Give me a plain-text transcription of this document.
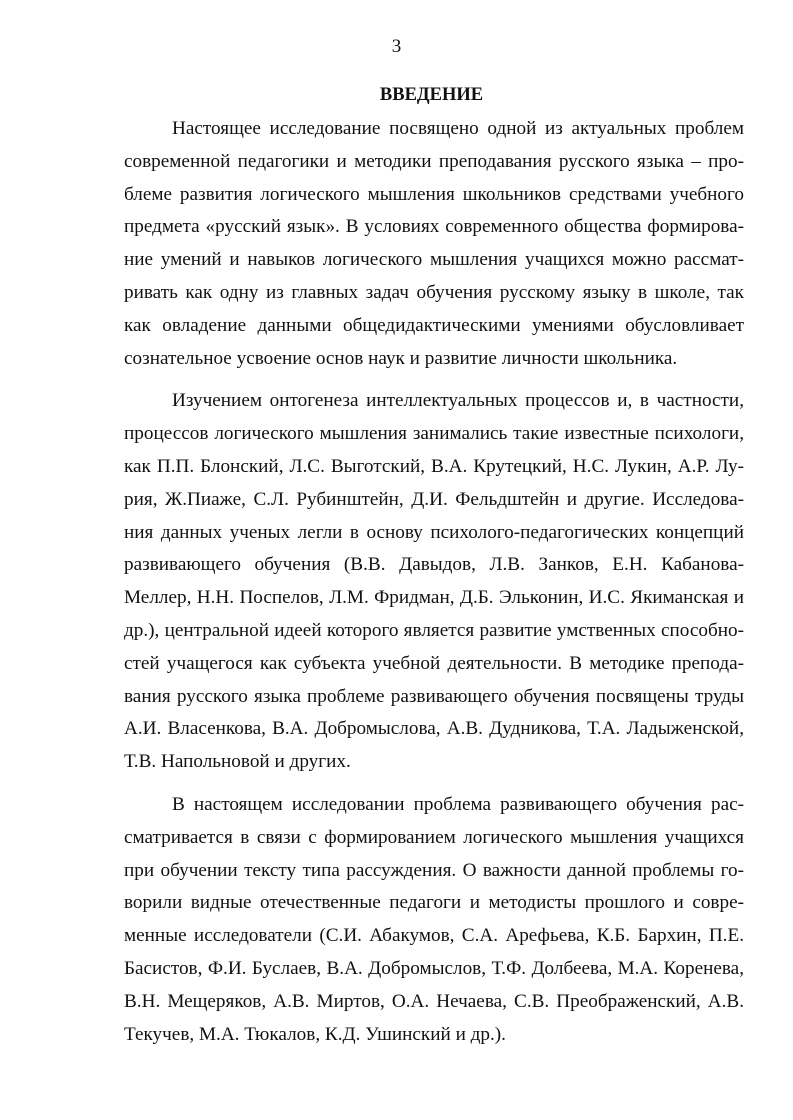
3
ВВЕДЕНИЕ

Настоящее исследование посвящено одной из актуальных проблем современной педагогики и методики преподавания русского языка – проблеме развития логического мышления школьников средствами учебного предмета «русский язык». В условиях современного общества формирование умений и навыков логического мышления учащихся можно рассматривать как одну из главных задач обучения русскому языку в школе, так как овладение данными общедидактическими умениями обусловливает сознательное усвоение основ наук и развитие личности школьника.

Изучением онтогенеза интеллектуальных процессов и, в частности, процессов логического мышления занимались такие известные психологи, как П.П. Блонский, Л.С. Выготский, В.А. Крутецкий, Н.С. Лукин, А.Р. Лурия, Ж.Пиаже, С.Л. Рубинштейн, Д.И. Фельдштейн и другие. Исследования данных ученых легли в основу психолого-педагогических концепций развивающего обучения (В.В. Давыдов, Л.В. Занков, Е.Н. Кабанова-Меллер, Н.Н. Поспелов, Л.М. Фридман, Д.Б. Эльконин, И.С. Якиманская и др.), центральной идеей которого является развитие умственных способностей учащегося как субъекта учебной деятельности. В методике преподавания русского языка проблеме развивающего обучения посвящены труды А.И. Власенкова, В.А. Добромыслова, А.В. Дудникова, Т.А. Ладыженской, Т.В. Напольновой и других.

В настоящем исследовании проблема развивающего обучения рассматривается в связи с формированием логического мышления учащихся при обучении тексту типа рассуждения. О важности данной проблемы говорили видные отечественные педагоги и методисты прошлого и современные исследователи (С.И. Абакумов, С.А. Арефьева, К.Б. Бархин, П.Е. Басистов, Ф.И. Буслаев, В.А. Добромыслов, Т.Ф. Долбеева, М.А. Коренева, В.Н. Мещеряков, А.В. Миртов, О.А. Нечаева, С.В. Преображенский, А.В. Текучев, М.А. Тюкалов, К.Д. Ушинский и др.).
